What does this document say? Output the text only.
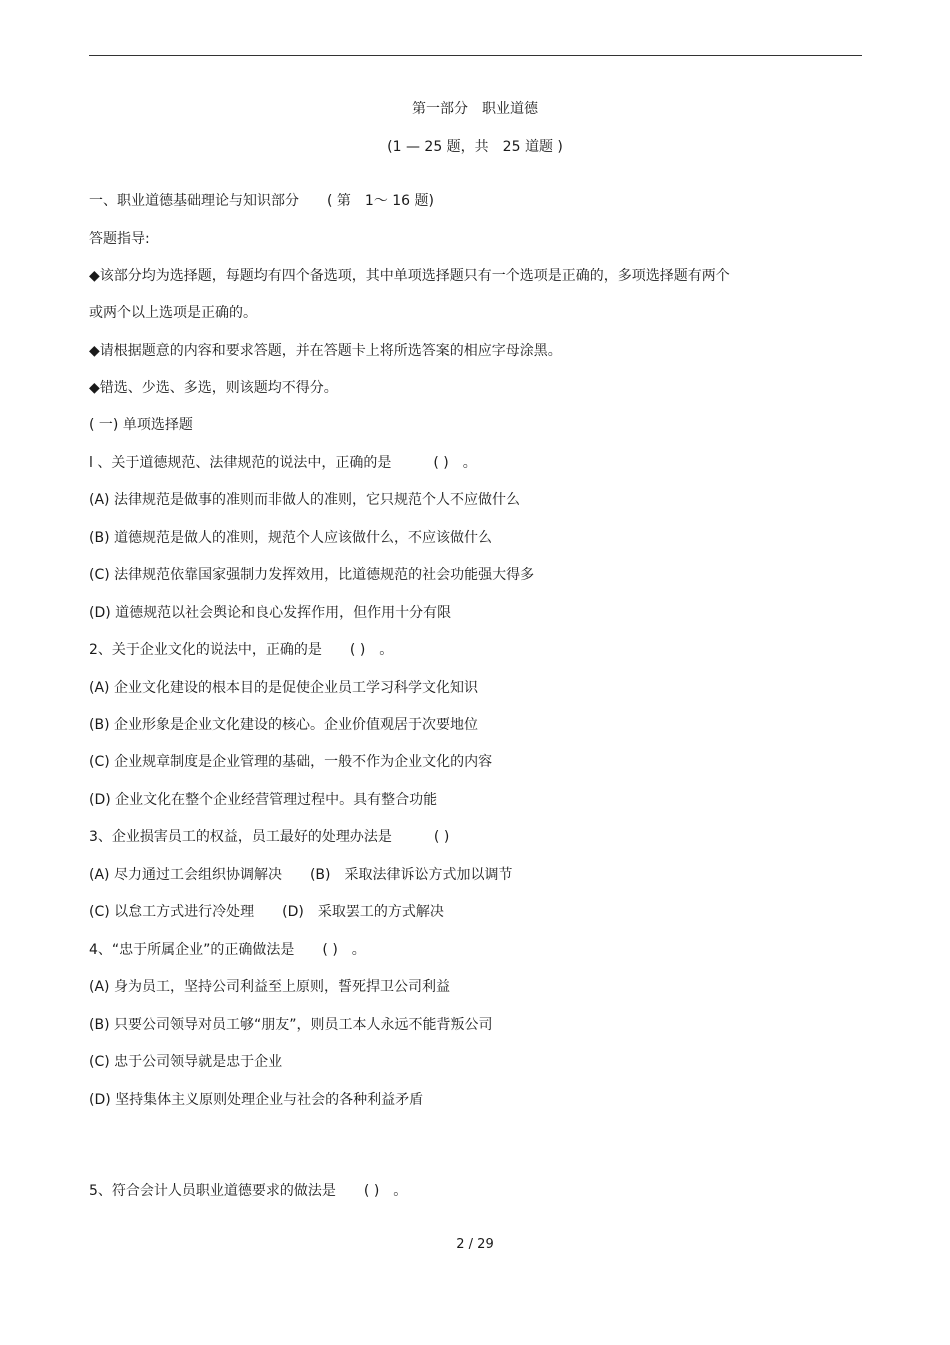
第一部分　职业道德
(1 — 25 题，共　25 道题 )
一、职业道德基础理论与知识部分　　( 第　1～ 16 题)
答题指导:
◆该部分均为选择题，每题均有四个备选项，其中单项选择题只有一个选项是正确的，多项选择题有两个
或两个以上选项是正确的。
◆请根据题意的内容和要求答题，并在答题卡上将所选答案的相应字母涂黑。
◆错选、少选、多选，则该题均不得分。
( 一) 单项选择题
l 、关于道德规范、法律规范的说法中，正确的是　　　( )　。
(A) 法律规范是做事的准则而非做人的准则，它只规范个人不应做什么
(B) 道德规范是做人的准则，规范个人应该做什么，不应该做什么
(C) 法律规范依靠国家强制力发挥效用，比道德规范的社会功能强大得多
(D) 道德规范以社会舆论和良心发挥作用，但作用十分有限
2、关于企业文化的说法中，正确的是　　( )　。
(A) 企业文化建设的根本目的是促使企业员工学习科学文化知识
(B) 企业形象是企业文化建设的核心。企业价值观居于次要地位
(C) 企业规章制度是企业管理的基础，一般不作为企业文化的内容
(D) 企业文化在整个企业经营管理过程中。具有整合功能
3、企业损害员工的权益，员工最好的处理办法是　　　( )
(A) 尽力通过工会组织协调解决　　(B)　采取法律诉讼方式加以调节
(C) 以怠工方式进行冷处理　　(D)　采取罢工的方式解决
4、“忠于所属企业”的正确做法是　　( )　。
(A) 身为员工，坚持公司利益至上原则，誓死捍卫公司利益
(B) 只要公司领导对员工够“朋友”，则员工本人永远不能背叛公司
(C) 忠于公司领导就是忠于企业
(D) 坚持集体主义原则处理企业与社会的各种利益矛盾
5、符合会计人员职业道德要求的做法是　　( )　。
2 / 29
